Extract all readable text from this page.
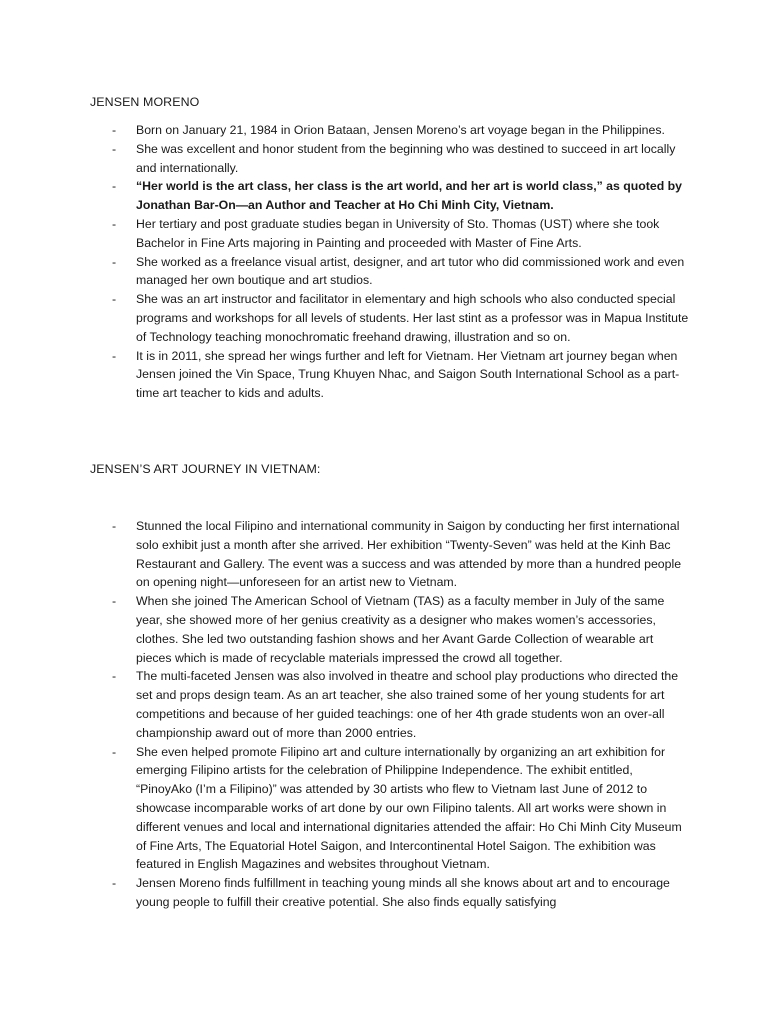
JENSEN MORENO
- Born on January 21, 1984 in Orion Bataan, Jensen Moreno’s art voyage began in the Philippines.
- She was excellent and honor student from the beginning who was destined to succeed in art locally and internationally.
- “Her world is the art class, her class is the art world, and her art is world class,” as quoted by Jonathan Bar-On—an Author and Teacher at Ho Chi Minh City, Vietnam.
- Her tertiary and post graduate studies began in University of Sto. Thomas (UST) where she took Bachelor in Fine Arts majoring in Painting and proceeded with Master of Fine Arts.
- She worked as a freelance visual artist, designer, and art tutor who did commissioned work and even managed her own boutique and art studios.
- She was an art instructor and facilitator in elementary and high schools who also conducted special programs and workshops for all levels of students. Her last stint as a professor was in Mapua Institute of Technology teaching monochromatic freehand drawing, illustration and so on.
- It is in 2011, she spread her wings further and left for Vietnam. Her Vietnam art journey began when Jensen joined the Vin Space, Trung Khuyen Nhac, and Saigon South International School as a part-time art teacher to kids and adults.
JENSEN’S ART JOURNEY IN VIETNAM:
- Stunned the local Filipino and international community in Saigon by conducting her first international solo exhibit just a month after she arrived. Her exhibition “Twenty-Seven” was held at the Kinh Bac Restaurant and Gallery. The event was a success and was attended by more than a hundred people on opening night—unforeseen for an artist new to Vietnam.
- When she joined The American School of Vietnam (TAS) as a faculty member in July of the same year, she showed more of her genius creativity as a designer who makes women’s accessories, clothes. She led two outstanding fashion shows and her Avant Garde Collection of wearable art pieces which is made of recyclable materials impressed the crowd all together.
- The multi-faceted Jensen was also involved in theatre and school play productions who directed the set and props design team. As an art teacher, she also trained some of her young students for art competitions and because of her guided teachings: one of her 4th grade students won an over-all championship award out of more than 2000 entries.
- She even helped promote Filipino art and culture internationally by organizing an art exhibition for emerging Filipino artists for the celebration of Philippine Independence. The exhibit entitled, “PinoyAko (I’m a Filipino)” was attended by 30 artists who flew to Vietnam last June of 2012 to showcase incomparable works of art done by our own Filipino talents. All art works were shown in different venues and local and international dignitaries attended the affair: Ho Chi Minh City Museum of Fine Arts, The Equatorial Hotel Saigon, and Intercontinental Hotel Saigon. The exhibition was featured in English Magazines and websites throughout Vietnam.
- Jensen Moreno finds fulfillment in teaching young minds all she knows about art and to encourage young people to fulfill their creative potential. She also finds equally satisfying
